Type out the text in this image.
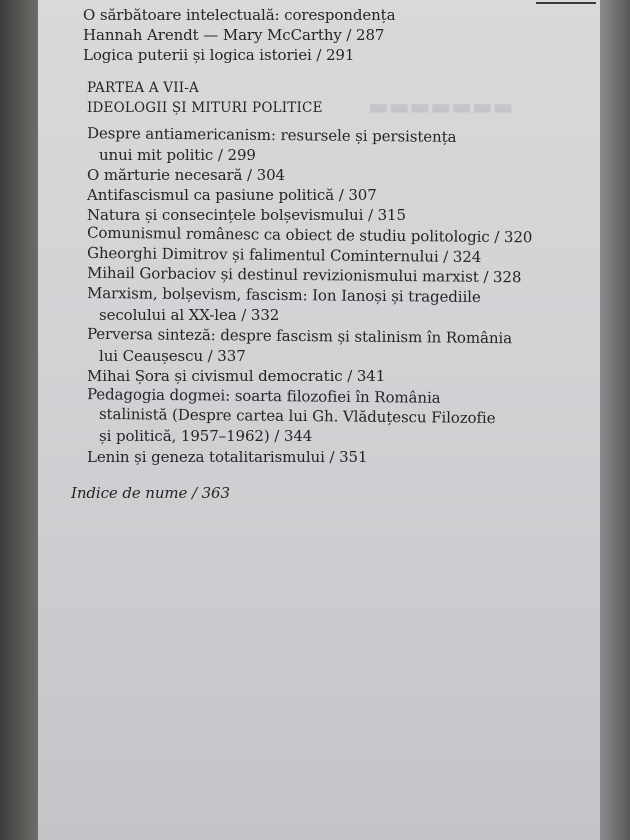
▬▬▬▬▬▬▬
O sărbătoare intelectuală: corespondența
Hannah Arendt — Mary McCarthy / 287
Logica puterii și logica istoriei / 291
PARTEA A VII-A
IDEOLOGII ȘI MITURI POLITICE
Despre antiamericanism: resursele și persistența
unui mit politic / 299
O mărturie necesară / 304
Antifascismul ca pasiune politică / 307
Natura și consecințele bolșevismului / 315
Comunismul românesc ca obiect de studiu politologic / 320
Gheorghi Dimitrov și falimentul Cominternului / 324
Mihail Gorbaciov și destinul revizionismului marxist / 328
Marxism, bolșevism, fascism: Ion Ianoși și tragediile
secolului al XX-lea / 332
Perversa sinteză: despre fascism și stalinism în România
lui Ceaușescu / 337
Mihai Șora și civismul democratic / 341
Pedagogia dogmei: soarta filozofiei în România
stalinistă (Despre cartea lui Gh. Vlăduțescu Filozofie
și politică, 1957–1962) / 344
Lenin și geneza totalitarismului / 351
Indice de nume / 363
